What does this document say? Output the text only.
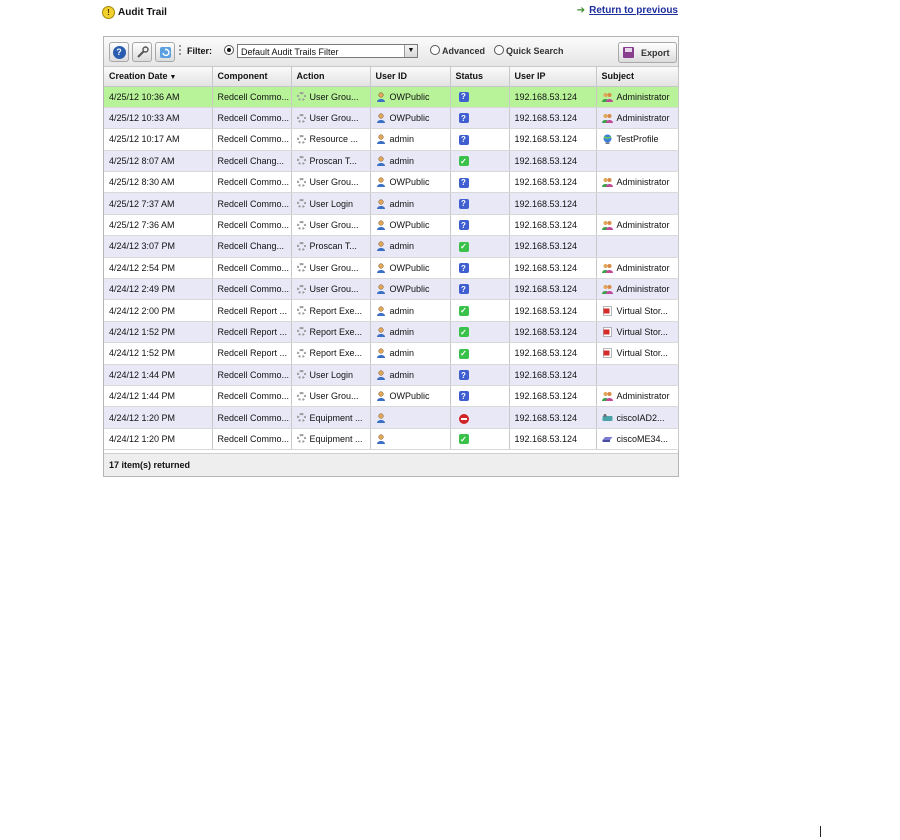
! Audit Trail	➔ Return to previous
?	Filter:	Default Audit Trails Filter	▼	Advanced Quick Search	Export
Creation Date ▼	Component	Action	User ID	Status	User IP	Subject
4/25/12 10:36 AM	Redcell Commo...	User Grou...	OWPublic	?	192.168.53.124	Administrator

4/25/12 10:33 AM	Redcell Commo...	User Grou...	OWPublic	?	192.168.53.124	Administrator

4/25/12 10:17 AM	Redcell Commo...	Resource ...	admin	?	192.168.53.124	TestProfile

4/25/12 8:07 AM	Redcell Chang...	Proscan T...	admin	✓	192.168.53.124	

4/25/12 8:30 AM	Redcell Commo...	User Grou...	OWPublic	?	192.168.53.124	Administrator

4/25/12 7:37 AM	Redcell Commo...	User Login	admin	?	192.168.53.124	

4/25/12 7:36 AM	Redcell Commo...	User Grou...	OWPublic	?	192.168.53.124	Administrator

4/24/12 3:07 PM	Redcell Chang...	Proscan T...	admin	✓	192.168.53.124	

4/24/12 2:54 PM	Redcell Commo...	User Grou...	OWPublic	?	192.168.53.124	Administrator

4/24/12 2:49 PM	Redcell Commo...	User Grou...	OWPublic	?	192.168.53.124	Administrator

4/24/12 2:00 PM	Redcell Report ...	Report Exe...	admin	✓	192.168.53.124	Virtual Stor...

4/24/12 1:52 PM	Redcell Report ...	Report Exe...	admin	✓	192.168.53.124	Virtual Stor...

4/24/12 1:52 PM	Redcell Report ...	Report Exe...	admin	✓	192.168.53.124	Virtual Stor...

4/24/12 1:44 PM	Redcell Commo...	User Login	admin	?	192.168.53.124	

4/24/12 1:44 PM	Redcell Commo...	User Grou...	OWPublic	?	192.168.53.124	Administrator

4/24/12 1:20 PM	Redcell Commo...	Equipment ...			192.168.53.124	ciscoIAD2...

4/24/12 1:20 PM	Redcell Commo...	Equipment ...		✓	192.168.53.124	ciscoME34...
17 item(s) returned
